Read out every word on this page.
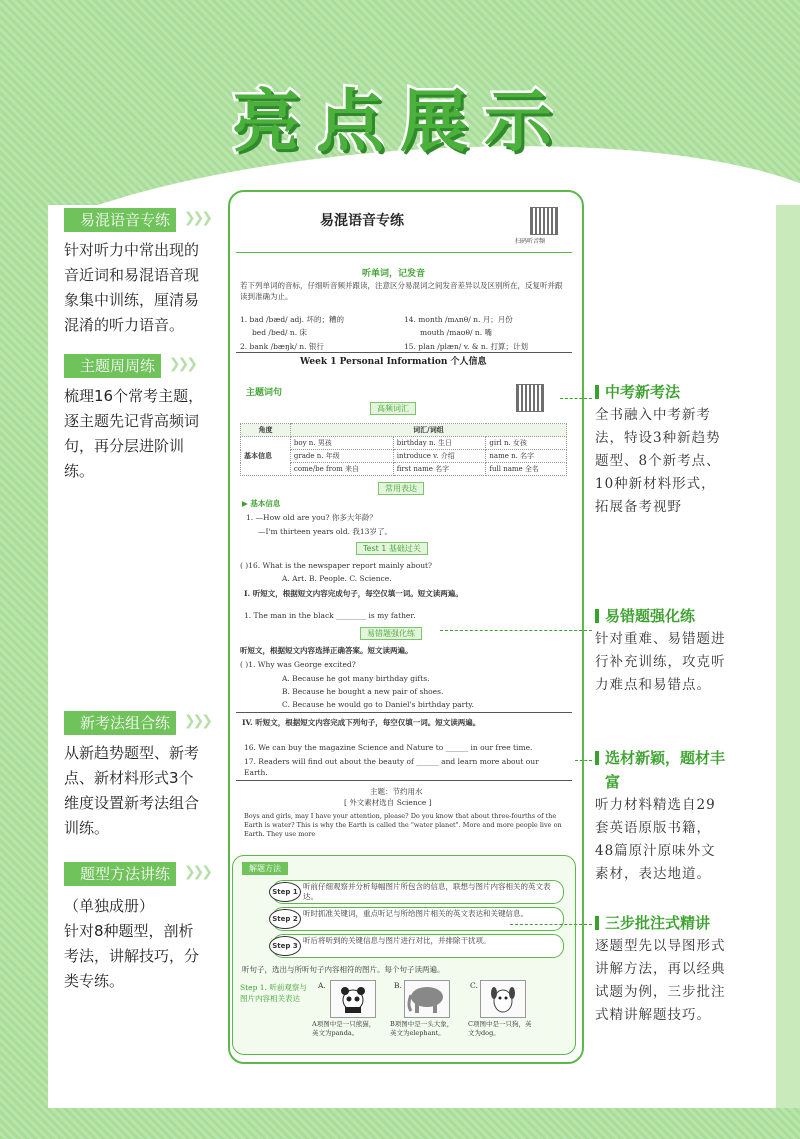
亮点展示
易混语音专练 ❯❯❯
针对听力中常出现的音近词和易混语音现象集中训练，厘清易混淆的听力语音。
主题周周练 ❯❯❯
梳理16个常考主题，逐主题先记背高频词句，再分层进阶训练。
新考法组合练 ❯❯❯
从新趋势题型、新考点、新材料形式3个维度设置新考法组合训练。
题型方法讲练 ❯❯❯
（单独成册）
针对8种题型，剖析考法，讲解技巧，分类专练。
易混语音专练
扫码听音频
听单词，记发音
若下列单词的音标，仔细听音频并跟读，注意区分易混词之间发音差异以及区别所在，反复听并跟读到准确为止。
1. bad /bæd/ adj. 坏的；糟的
bed /bed/ n. 床
2. bank /bæŋk/ n. 银行
14. month /mʌnθ/ n. 月；月份
mouth /maʊθ/ n. 嘴
15. plan /plæn/ v. & n. 打算；计划
Week 1 Personal Information 个人信息
主题词句
高频词汇
角度	词汇/词组		
基本信息	boy n. 男孩	birthday n. 生日	girl n. 女孩
	grade n. 年级	introduce v. 介绍	name n. 名字
	come/be from 来自	first name 名字	full name 全名
常用表达
▶ 基本信息
1. —How old are you? 你多大年龄？
—I'm thirteen years old. 我13岁了。
Test 1 基础过关
( )16. What is the newspaper report mainly about?
A. Art. B. People. C. Science.
I. 听短文，根据短文内容完成句子，每空仅填一词。短文读两遍。
1. The man in the black ________ is my father.
易错题强化练
听短文，根据短文内容选择正确答案。短文读两遍。
( )1. Why was George excited?
A. Because he got many birthday gifts.
B. Because he bought a new pair of shoes.
C. Because he would go to Daniel's birthday party.
IV. 听短文，根据短文内容完成下列句子，每空仅填一词。短文读两遍。
16. We can buy the magazine Science and Nature to ______ in our free time.
17. Readers will find out about the beauty of ______ and learn more about our Earth.
主题：节约用水
[ 外文素材选自 Science ]
Boys and girls, may I have your attention, please? Do you know that about three-fourths of the Earth is water? This is why the Earth is called the "water planet". More and more people live on Earth. They use more
解题方法
Step 1
听前仔细观察并分析每幅图片所包含的信息，联想与图片内容相关的英文表达。
Step 2
听时抓准关键词，重点听记与所给图片相关的英文表达和关键信息。
Step 3
听后将听到的关键信息与图片进行对比，并排除干扰项。
听句子，选出与所听句子内容相符的图片。每个句子读两遍。
Step 1. 听前观察与图片内容相关表达
A.	B.	C.
A项图中是一只熊猫，英文为panda。
B项图中是一头大象，英文为elephant。
C项图中是一只狗，英文为dog。
中考新考法
全书融入中考新考法，特设3种新趋势题型、8个新考点、10种新材料形式，拓展备考视野
易错题强化练
针对重难、易错题进行补充训练，攻克听力难点和易错点。
选材新颖，题材丰富
听力材料精选自29套英语原版书籍，48篇原汁原味外文素材，表达地道。
三步批注式精讲
逐题型先以导图形式讲解方法，再以经典试题为例，三步批注式精讲解题技巧。
